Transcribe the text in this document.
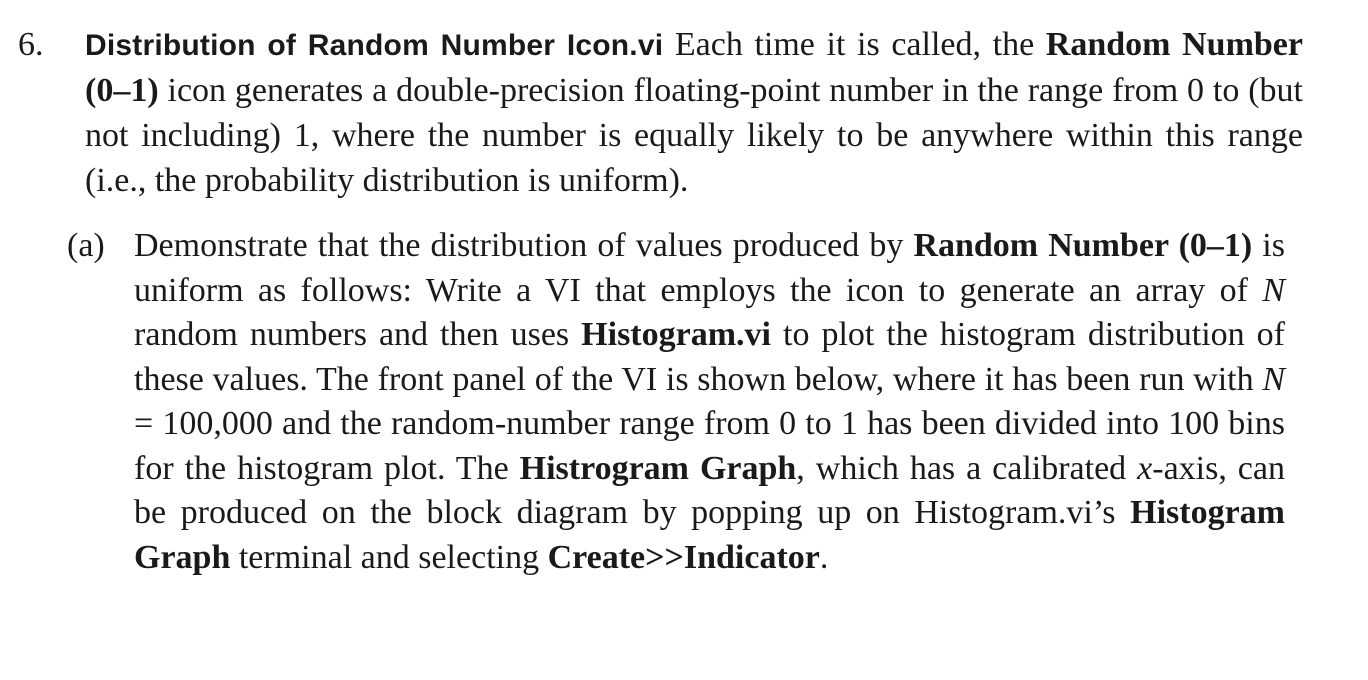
6. Distribution of Random Number Icon.vi Each time it is called, the Random Number (0–1) icon generates a double-precision floating-point number in the range from 0 to (but not including) 1, where the number is equally likely to be anywhere within this range (i.e., the probability distribution is uniform).
(a) Demonstrate that the distribution of values produced by Random Number (0–1) is uniform as follows: Write a VI that employs the icon to generate an array of N random numbers and then uses Histogram.vi to plot the histogram distribution of these values. The front panel of the VI is shown below, where it has been run with N = 100,000 and the random-number range from 0 to 1 has been divided into 100 bins for the histogram plot. The Histrogram Graph, which has a calibrated x-axis, can be produced on the block diagram by popping up on Histogram.vi’s Histogram Graph terminal and selecting Create>>Indicator.
